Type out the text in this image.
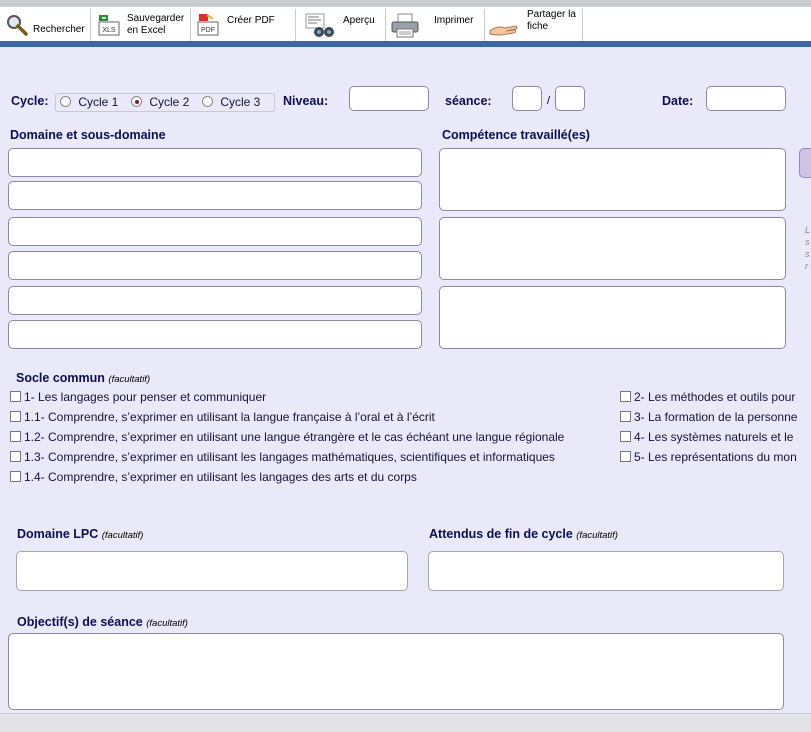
Rechercher	XLS
Sauvegarder
en Excel	PDF
Créer PDF	Aperçu	Imprimer
Partager la
fiche
Cycle:	Cycle 1	Cycle 2	Cycle 3 Niveau:	séance:	/	Date:
Domaine et sous-domaine	Compétence travaillé(es)
L
s
s
r
Socle commun (facultatif)
1- Les langages pour penser et communiquer
1.1- Comprendre, s’exprimer en utilisant la langue française à l’oral et à l’écrit
1.2- Comprendre, s’exprimer en utilisant une langue étrangère et le cas échéant une langue régionale
1.3- Comprendre, s’exprimer en utilisant les langages mathématiques, scientifiques et informatiques
1.4- Comprendre, s’exprimer en utilisant les langages des arts et du corps
2- Les méthodes et outils pour
3- La formation de la personne
4- Les systèmes naturels et le
5- Les représentations du mon
Domaine LPC (facultatif)	Attendus de fin de cycle (facultatif)
Objectif(s) de séance (facultatif)
